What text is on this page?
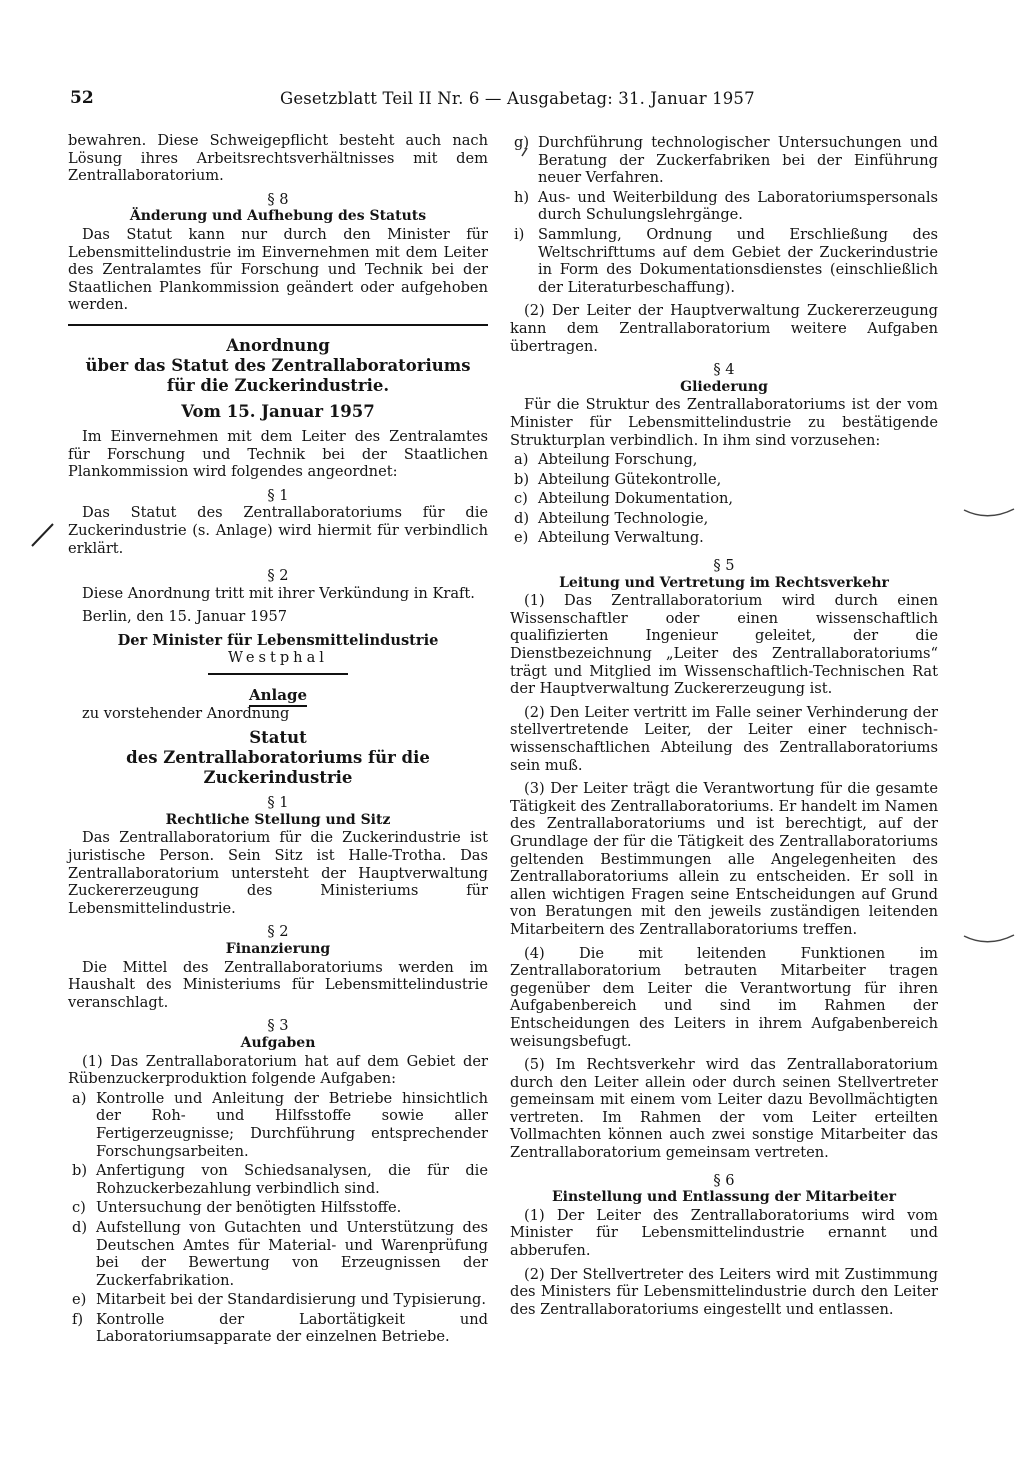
52	Gesetzblatt Teil II Nr. 6 — Ausgabetag: 31. Januar 1957

bewahren. Diese Schweigepflicht besteht auch nach Lösung ihres Arbeitsrechtsverhältnisses mit dem Zentrallaboratorium.

§ 8

Änderung und Aufhebung des Statuts

Das Statut kann nur durch den Minister für Lebensmittelindustrie im Einvernehmen mit dem Leiter des Zentralamtes für Forschung und Technik bei der Staatlichen Plankommission geändert oder aufgehoben werden.

Anordnung

über das Statut des Zentrallaboratoriums

für die Zuckerindustrie.

Vom 15. Januar 1957

Im Einvernehmen mit dem Leiter des Zentralamtes für Forschung und Technik bei der Staatlichen Plankommission wird folgendes angeordnet:

§ 1

Das Statut des Zentrallaboratoriums für die Zuckerindustrie (s. Anlage) wird hiermit für verbindlich erklärt.

§ 2

Diese Anordnung tritt mit ihrer Verkündung in Kraft.

Berlin, den 15. Januar 1957

Der Minister für Lebensmittelindustrie

Westphal

Anlage

zu vorstehender Anordnung

Statut

des Zentrallaboratoriums für die Zuckerindustrie

§ 1

Rechtliche Stellung und Sitz

Das Zentrallaboratorium für die Zuckerindustrie ist juristische Person. Sein Sitz ist Halle-Trotha. Das Zentrallaboratorium untersteht der Hauptverwaltung Zuckererzeugung des Ministeriums für Lebensmittelindustrie.

§ 2

Finanzierung

Die Mittel des Zentrallaboratoriums werden im Haushalt des Ministeriums für Lebensmittelindustrie veranschlagt.

§ 3

Aufgaben

(1) Das Zentrallaboratorium hat auf dem Gebiet der Rübenzuckerproduktion folgende Aufgaben:

a) Kontrolle und Anleitung der Betriebe hinsichtlich der Roh- und Hilfsstoffe sowie aller Fertigerzeugnisse; Durchführung entsprechender Forschungsarbeiten.
b) Anfertigung von Schiedsanalysen, die für die Rohzuckerbezahlung verbindlich sind.
c) Untersuchung der benötigten Hilfsstoffe.
d) Aufstellung von Gutachten und Unterstützung des Deutschen Amtes für Material- und Warenprüfung bei der Bewertung von Erzeugnissen der Zuckerfabrikation.
e) Mitarbeit bei der Standardisierung und Typisierung.
f) Kontrolle der Labortätigkeit und Laboratoriumsapparate der einzelnen Betriebe.
g) Durchführung technologischer Untersuchungen und Beratung der Zuckerfabriken bei der Einführung neuer Verfahren.
h) Aus- und Weiterbildung des Laboratoriumspersonals durch Schulungslehrgänge.
i) Sammlung, Ordnung und Erschließung des Weltschrifttums auf dem Gebiet der Zuckerindustrie in Form des Dokumentationsdienstes (einschließlich der Literaturbeschaffung).

(2) Der Leiter der Hauptverwaltung Zuckererzeugung kann dem Zentrallaboratorium weitere Aufgaben übertragen.

§ 4

Gliederung

Für die Struktur des Zentrallaboratoriums ist der vom Minister für Lebensmittelindustrie zu bestätigende Strukturplan verbindlich. In ihm sind vorzusehen:

a) Abteilung Forschung,
b) Abteilung Gütekontrolle,
c) Abteilung Dokumentation,
d) Abteilung Technologie,
e) Abteilung Verwaltung.

§ 5

Leitung und Vertretung im Rechtsverkehr

(1) Das Zentrallaboratorium wird durch einen Wissenschaftler oder einen wissenschaftlich qualifizierten Ingenieur geleitet, der die Dienstbezeichnung „Leiter des Zentrallaboratoriums“ trägt und Mitglied im Wissenschaftlich-Technischen Rat der Hauptverwaltung Zuckererzeugung ist.

(2) Den Leiter vertritt im Falle seiner Verhinderung der stellvertretende Leiter, der Leiter einer technisch-wissenschaftlichen Abteilung des Zentrallaboratoriums sein muß.

(3) Der Leiter trägt die Verantwortung für die gesamte Tätigkeit des Zentrallaboratoriums. Er handelt im Namen des Zentrallaboratoriums und ist berechtigt, auf der Grundlage der für die Tätigkeit des Zentrallaboratoriums geltenden Bestimmungen alle Angelegenheiten des Zentrallaboratoriums allein zu entscheiden. Er soll in allen wichtigen Fragen seine Entscheidungen auf Grund von Beratungen mit den jeweils zuständigen leitenden Mitarbeitern des Zentrallaboratoriums treffen.

(4) Die mit leitenden Funktionen im Zentrallaboratorium betrauten Mitarbeiter tragen gegenüber dem Leiter die Verantwortung für ihren Aufgabenbereich und sind im Rahmen der Entscheidungen des Leiters in ihrem Aufgabenbereich weisungsbefugt.

(5) Im Rechtsverkehr wird das Zentrallaboratorium durch den Leiter allein oder durch seinen Stellvertreter gemeinsam mit einem vom Leiter dazu Bevollmächtigten vertreten. Im Rahmen der vom Leiter erteilten Vollmachten können auch zwei sonstige Mitarbeiter das Zentrallaboratorium gemeinsam vertreten.

§ 6

Einstellung und Entlassung der Mitarbeiter

(1) Der Leiter des Zentrallaboratoriums wird vom Minister für Lebensmittelindustrie ernannt und abberufen.

(2) Der Stellvertreter des Leiters wird mit Zustimmung des Ministers für Lebensmittelindustrie durch den Leiter des Zentrallaboratoriums eingestellt und entlassen.
